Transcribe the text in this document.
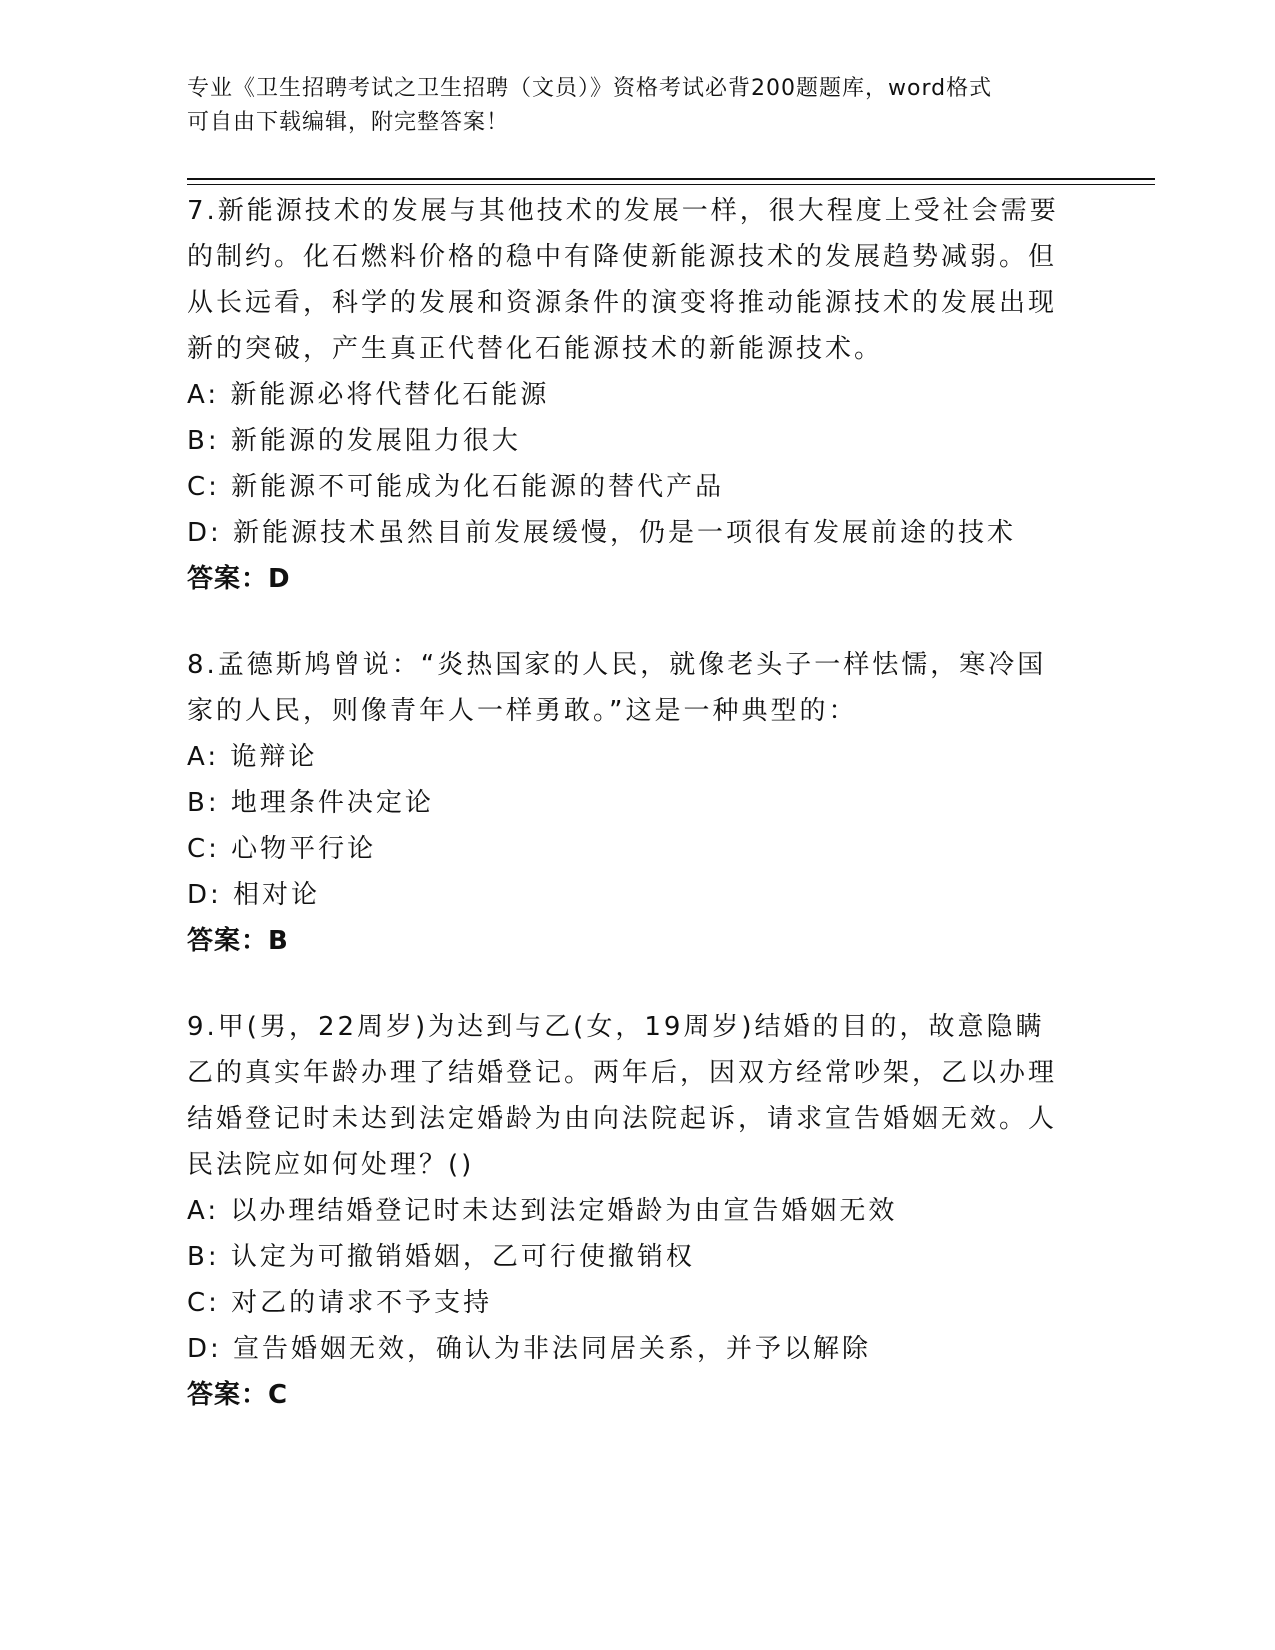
专业《卫生招聘考试之卫生招聘（文员）》资格考试必背200题题库，word格式
可自由下载编辑，附完整答案！

7.新能源技术的发展与其他技术的发展一样，很大程度上受社会需要的制约。化石燃料价格的稳中有降使新能源技术的发展趋势减弱。但从长远看，科学的发展和资源条件的演变将推动能源技术的发展出现新的突破，产生真正代替化石能源技术的新能源技术。

A: 新能源必将代替化石能源

B: 新能源的发展阻力很大

C: 新能源不可能成为化石能源的替代产品

D: 新能源技术虽然目前发展缓慢，仍是一项很有发展前途的技术

答案：D

8.孟德斯鸠曾说：“炎热国家的人民，就像老头子一样怯懦，寒冷国家的人民，则像青年人一样勇敢。”这是一种典型的：

A: 诡辩论

B: 地理条件决定论

C: 心物平行论

D: 相对论

答案：B

9.甲(男，22周岁)为达到与乙(女，19周岁)结婚的目的，故意隐瞒乙的真实年龄办理了结婚登记。两年后，因双方经常吵架，乙以办理结婚登记时未达到法定婚龄为由向法院起诉，请求宣告婚姻无效。人民法院应如何处理？()

A: 以办理结婚登记时未达到法定婚龄为由宣告婚姻无效

B: 认定为可撤销婚姻，乙可行使撤销权

C: 对乙的请求不予支持

D: 宣告婚姻无效，确认为非法同居关系，并予以解除

答案：C
